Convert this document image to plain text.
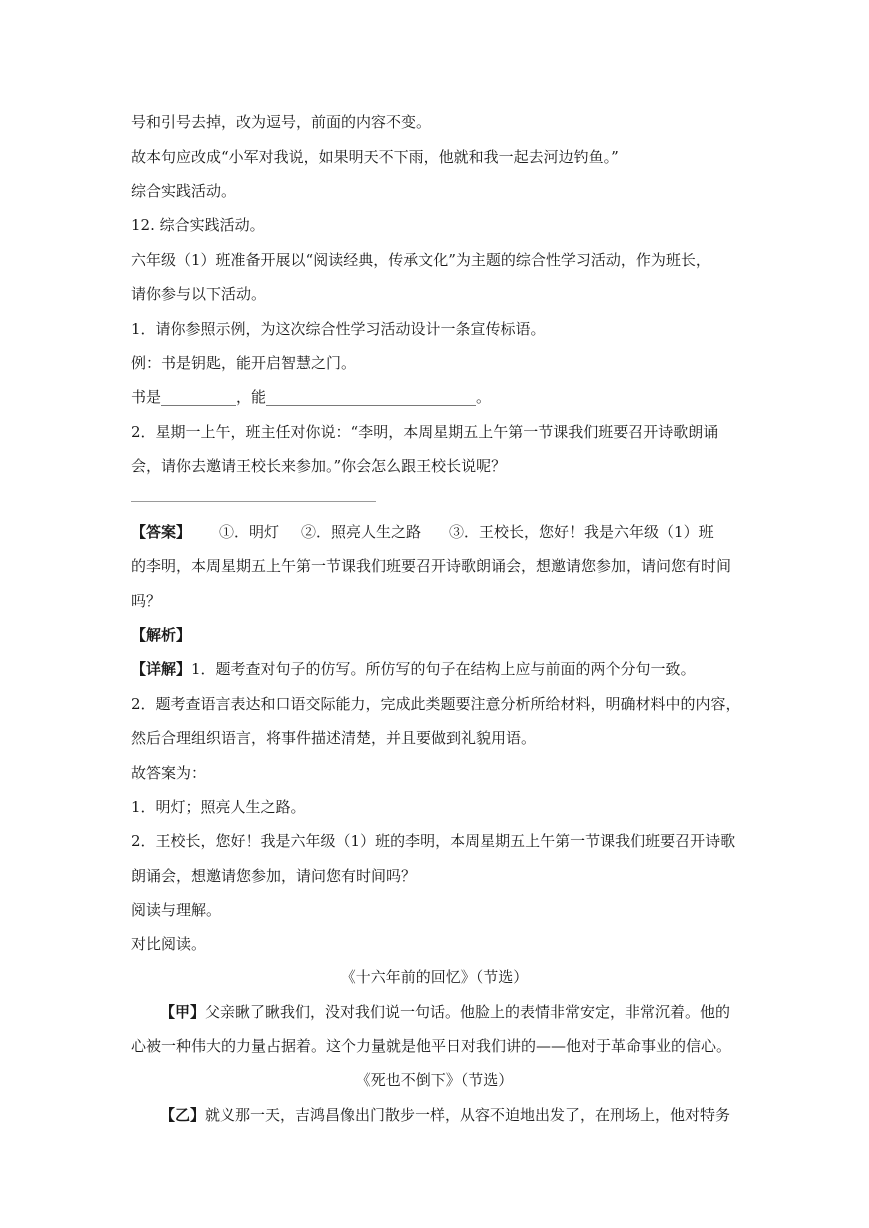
号和引号去掉，改为逗号，前面的内容不变。
故本句应改成“小军对我说，如果明天不下雨，他就和我一起去河边钓鱼。”
综合实践活动。
12. 综合实践活动。
六年级（1）班准备开展以“阅读经典，传承文化”为主题的综合性学习活动，作为班长，
请你参与以下活动。
1．请你参照示例，为这次综合性学习活动设计一条宣传标语。
例：书是钥匙，能开启智慧之门。
书是__________，能____________________________。
2．星期一上午，班主任对你说：“李明，本周星期五上午第一节课我们班要召开诗歌朗诵
会，请你去邀请王校长来参加。”你会怎么跟王校长说呢？
【答案】 ①．明灯 ②．照亮人生之路 ③．王校长，您好！我是六年级（1）班
的李明，本周星期五上午第一节课我们班要召开诗歌朗诵会，想邀请您参加，请问您有时间
吗？
【解析】
【详解】1．题考查对句子的仿写。所仿写的句子在结构上应与前面的两个分句一致。
2．题考查语言表达和口语交际能力，完成此类题要注意分析所给材料，明确材料中的内容，
然后合理组织语言，将事件描述清楚，并且要做到礼貌用语。
故答案为：
1．明灯；照亮人生之路。
2．王校长，您好！我是六年级（1）班的李明，本周星期五上午第一节课我们班要召开诗歌
朗诵会，想邀请您参加，请问您有时间吗？
阅读与理解。
对比阅读。
《十六年前的回忆》（节选）
【甲】父亲瞅了瞅我们，没对我们说一句话。他脸上的表情非常安定，非常沉着。他的
心被一种伟大的力量占据着。这个力量就是他平日对我们讲的——他对于革命事业的信心。
《死也不倒下》（节选）
【乙】就义那一天，吉鸿昌像出门散步一样，从容不迫地出发了，在刑场上，他对特务
